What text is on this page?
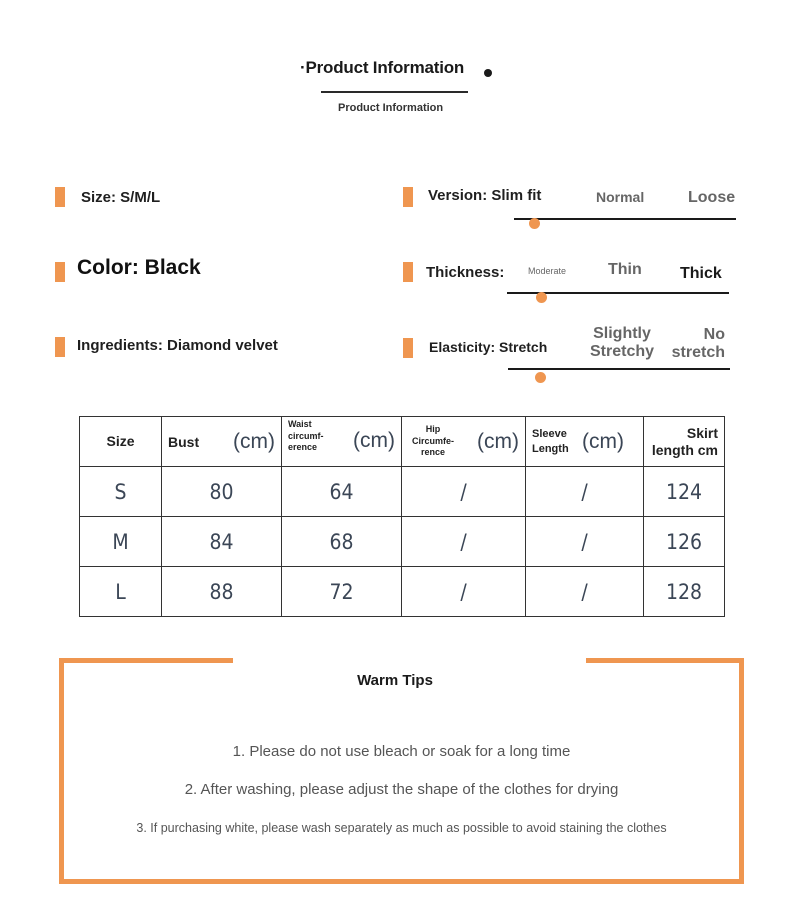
·Product Information
Product Information
Size: S/M/L
Color: Black
Ingredients: Diamond velvet
Version: Slim fit	Normal	Loose
Thickness:	Moderate	Thin Thick
Elasticity: Stretch
Slightly Stretchy
No stretch
Size	Bust (cm)	Waist circumf-erence (cm)	Hip Circumfe-rence (cm)	Sleeve Length (cm)	Skirt length cm

S	80	64	/	/	124
M	84	68	/	/	126
L	88	72	/	/	128
Warm Tips
1. Please do not use bleach or soak for a long time
2. After washing, please adjust the shape of the clothes for drying
3. If purchasing white, please wash separately as much as possible to avoid staining the clothes
